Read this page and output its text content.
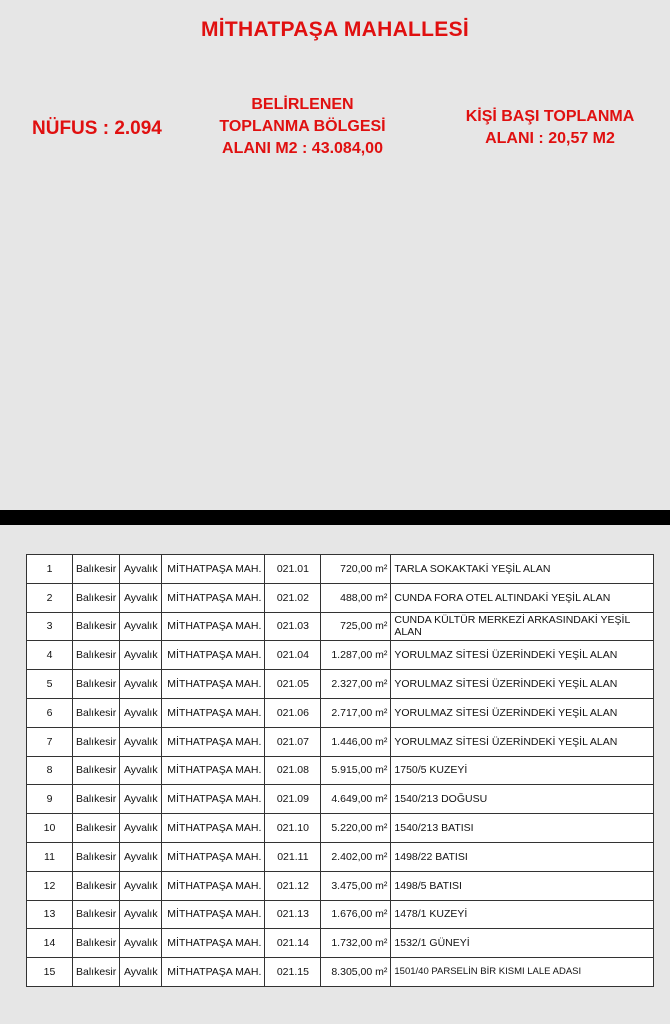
MİTHATPAŞA MAHALLESİ
NÜFUS : 2.094
BELİRLENEN
TOPLANMA BÖLGESİ
ALANI M2 : 43.084,00
KİŞİ BAŞI TOPLANMA
ALANI : 20,57 M2
1	Balıkesir	Ayvalık	MİTHATPAŞA MAH.	021.01	720,00 m²	TARLA SOKAKTAKİ YEŞİL ALAN
2	Balıkesir	Ayvalık	MİTHATPAŞA MAH.	021.02	488,00 m²	CUNDA FORA OTEL ALTINDAKİ YEŞİL ALAN
3	Balıkesir	Ayvalık	MİTHATPAŞA MAH.	021.03	725,00 m²	CUNDA KÜLTÜR MERKEZİ ARKASINDAKİ YEŞİL ALAN
4	Balıkesir	Ayvalık	MİTHATPAŞA MAH.	021.04	1.287,00 m²	YORULMAZ SİTESİ ÜZERİNDEKİ YEŞİL ALAN
5	Balıkesir	Ayvalık	MİTHATPAŞA MAH.	021.05	2.327,00 m²	YORULMAZ SİTESİ ÜZERİNDEKİ YEŞİL ALAN
6	Balıkesir	Ayvalık	MİTHATPAŞA MAH.	021.06	2.717,00 m²	YORULMAZ SİTESİ ÜZERİNDEKİ YEŞİL ALAN
7	Balıkesir	Ayvalık	MİTHATPAŞA MAH.	021.07	1.446,00 m²	YORULMAZ SİTESİ ÜZERİNDEKİ YEŞİL ALAN
8	Balıkesir	Ayvalık	MİTHATPAŞA MAH.	021.08	5.915,00 m²	1750/5 KUZEYİ
9	Balıkesir	Ayvalık	MİTHATPAŞA MAH.	021.09	4.649,00 m²	1540/213 DOĞUSU
10	Balıkesir	Ayvalık	MİTHATPAŞA MAH.	021.10	5.220,00 m²	1540/213 BATISI
11	Balıkesir	Ayvalık	MİTHATPAŞA MAH.	021.11	2.402,00 m²	1498/22 BATISI
12	Balıkesir	Ayvalık	MİTHATPAŞA MAH.	021.12	3.475,00 m²	1498/5 BATISI
13	Balıkesir	Ayvalık	MİTHATPAŞA MAH.	021.13	1.676,00 m²	1478/1 KUZEYİ
14	Balıkesir	Ayvalık	MİTHATPAŞA MAH.	021.14	1.732,00 m²	1532/1 GÜNEYİ
15	Balıkesir	Ayvalık	MİTHATPAŞA MAH.	021.15	8.305,00 m²	1501/40 PARSELİN BİR KISMI LALE ADASI
